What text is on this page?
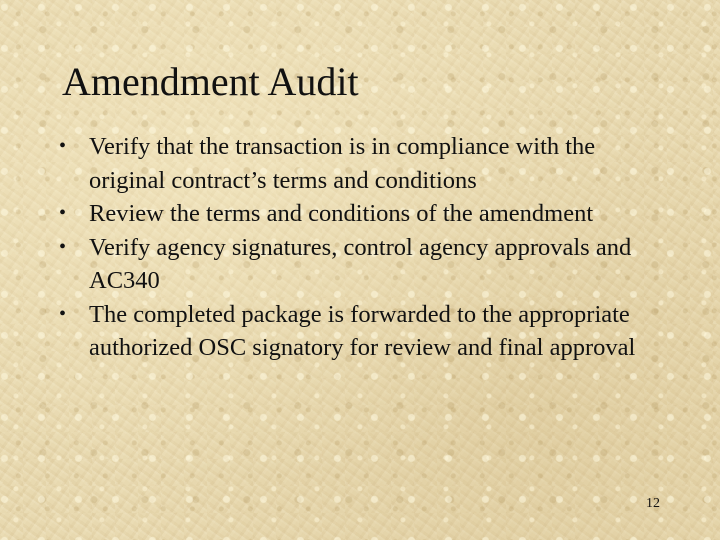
Amendment Audit
• Verify that the transaction is in compliance with the original contract’s terms and conditions
• Review the terms and conditions of the amendment
• Verify agency signatures, control agency approvals and AC340
• The completed package is forwarded to the appropriate authorized OSC signatory for review and final approval
12
